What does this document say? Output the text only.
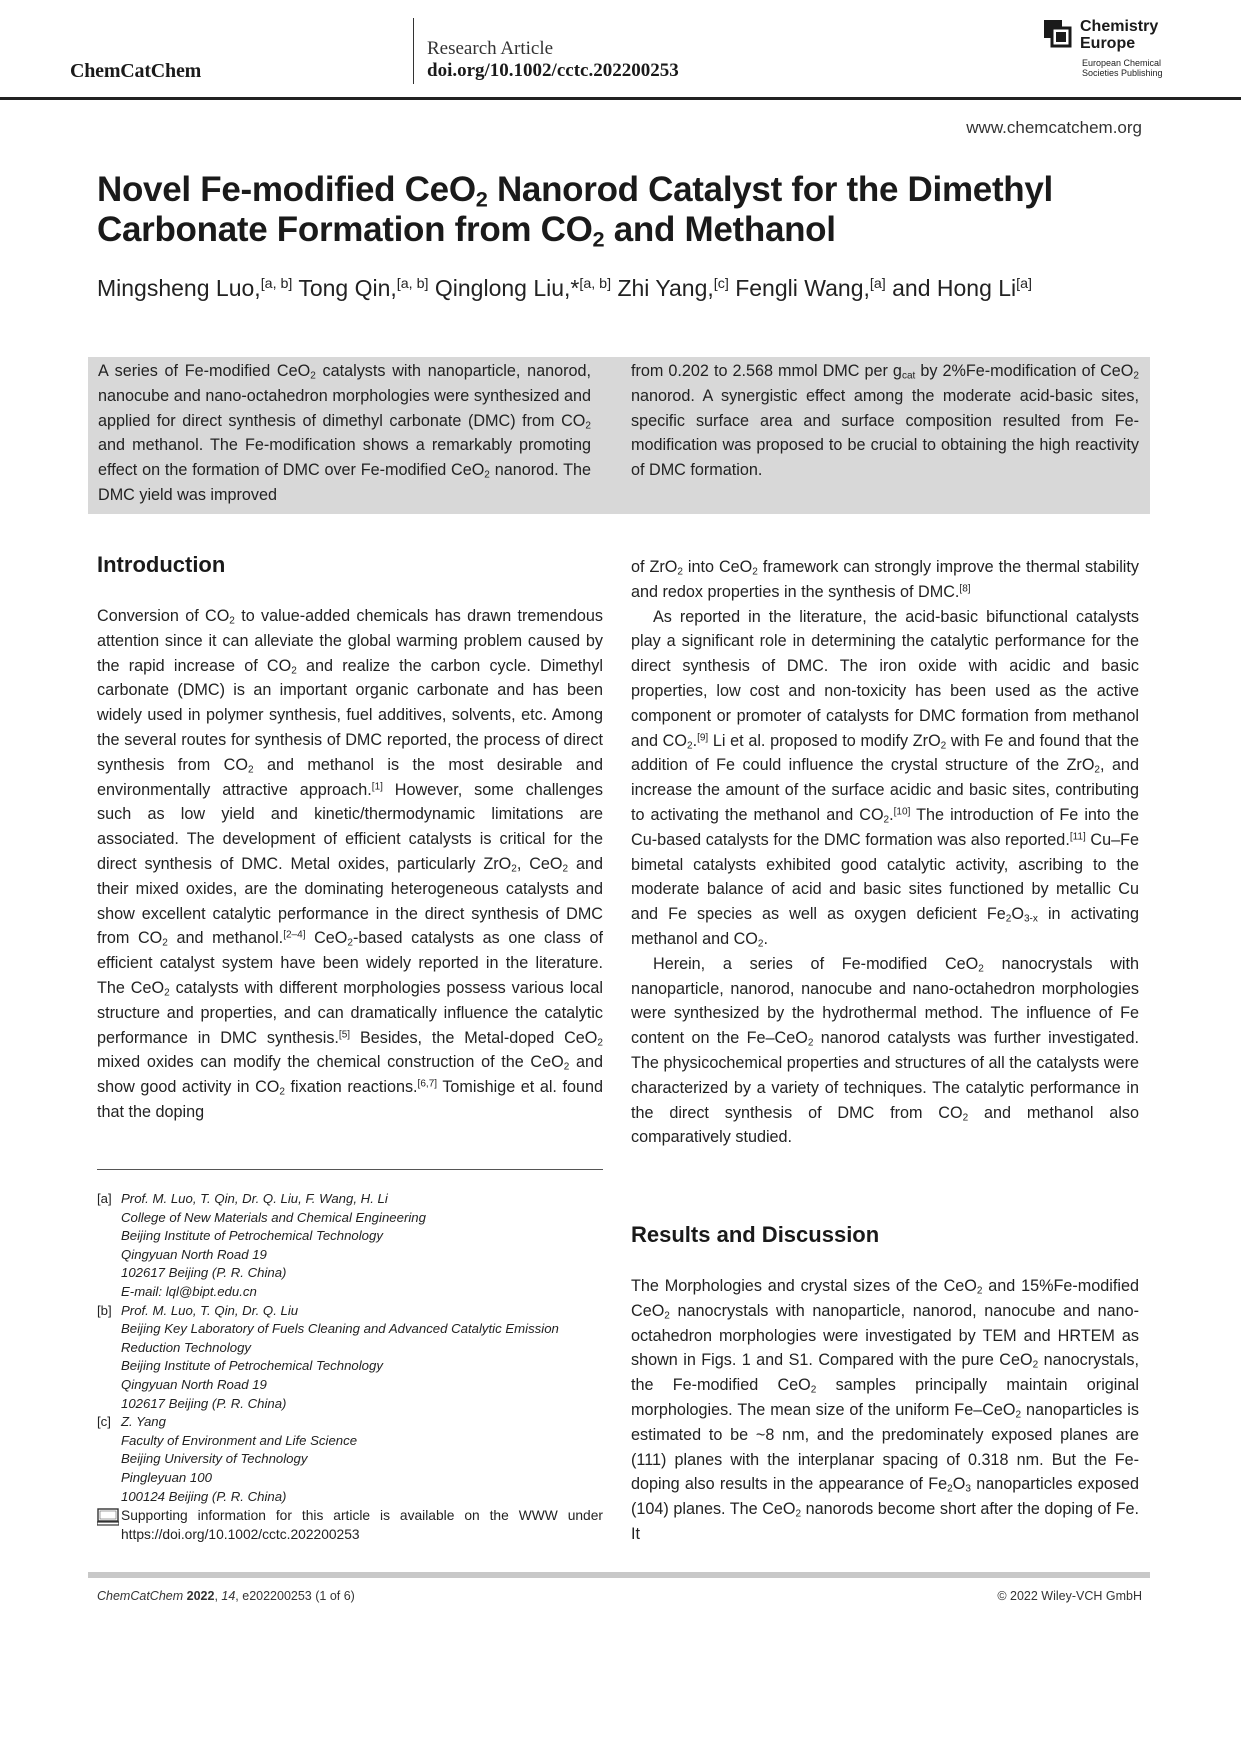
ChemCatChem
Research Article
doi.org/10.1002/cctc.202200253
Chemistry
Europe
European Chemical
Societies Publishing
www.chemcatchem.org
Novel Fe-modified CeO$_2$ Nanorod Catalyst for the Dimethyl
Carbonate Formation from $CO_2$ and Methanol
Mingsheng Luo,[a, b] Tong Qin,[a, b] Qinglong Liu,*[a, b] Zhi Yang,[c] Fengli Wang,[a] and Hong Li[a]
A series of Fe-modified CeO$_2$ catalysts with nanoparticle, nanorod, nanocube and nano-octahedron morphologies were synthesized and applied for direct synthesis of dimethyl carbonate (DMC) from $CO_2$ and methanol. The Fe-modification shows a remarkably promoting effect on the formation of DMC over Fe-modified CeO$_2$ nanorod. The DMC yield was improved
from 0.202 to 2.568 mmol DMC per $g_{cat}$ by 2%Fe-modification of CeO$_2$ nanorod. A synergistic effect among the moderate acid-basic sites, specific surface area and surface composition resulted from Fe-modification was proposed to be crucial to obtaining the high reactivity of DMC formation.
Introduction

Conversion of $CO_2$ to value-added chemicals has drawn tremendous attention since it can alleviate the global warming problem caused by the rapid increase of $CO_2$ and realize the carbon cycle. Dimethyl carbonate (DMC) is an important organic carbonate and has been widely used in polymer synthesis, fuel additives, solvents, etc. Among the several routes for synthesis of DMC reported, the process of direct synthesis from $CO_2$ and methanol is the most desirable and environmentally attractive approach.[1] However, some challenges such as low yield and kinetic/thermodynamic limitations are associated. The development of efficient catalysts is critical for the direct synthesis of DMC. Metal oxides, particularly ZrO$_2$, CeO$_2$ and their mixed oxides, are the dominating heterogeneous catalysts and show excellent catalytic performance in the direct synthesis of DMC from $CO_2$ and methanol.[2–4] CeO$_2$-based catalysts as one class of efficient catalyst system have been widely reported in the literature. The CeO$_2$ catalysts with different morphologies possess various local structure and properties, and can dramatically influence the catalytic performance in DMC synthesis.[5] Besides, the Metal-doped CeO$_2$ mixed oxides can modify the chemical construction of the CeO$_2$ and show good activity in $CO_2$ fixation reactions.[6,7] Tomishige et al. found that the doping

of ZrO$_2$ into CeO$_2$ framework can strongly improve the thermal stability and redox properties in the synthesis of DMC.[8]

As reported in the literature, the acid-basic bifunctional catalysts play a significant role in determining the catalytic performance for the direct synthesis of DMC. The iron oxide with acidic and basic properties, low cost and non-toxicity has been used as the active component or promoter of catalysts for DMC formation from methanol and $CO_2.[9]$ Li et al. proposed to modify ZrO$_2$ with Fe and found that the addition of Fe could influence the crystal structure of the ZrO$_2$, and increase the amount of the surface acidic and basic sites, contributing to activating the methanol and $CO_2.[10]$ The introduction of Fe into the Cu-based catalysts for the DMC formation was also reported.[11] Cu–Fe bimetal catalysts exhibited good catalytic activity, ascribing to the moderate balance of acid and basic sites functioned by metallic Cu and Fe species as well as oxygen deficient $Fe_2O_{3-x}$ in activating methanol and $CO_2$.

Herein, a series of Fe-modified CeO$_2$ nanocrystals with nanoparticle, nanorod, nanocube and nano-octahedron morphologies were synthesized by the hydrothermal method. The influence of Fe content on the Fe–CeO$_2$ nanorod catalysts was further investigated. The physicochemical properties and structures of all the catalysts were characterized by a variety of techniques. The catalytic performance in the direct synthesis of DMC from $CO_2$ and methanol also comparatively studied.

Results and Discussion

The Morphologies and crystal sizes of the CeO$_2$ and 15%Fe-modified CeO$_2$ nanocrystals with nanoparticle, nanorod, nanocube and nano-octahedron morphologies were investigated by TEM and HRTEM as shown in Figs. 1 and S1. Compared with the pure CeO$_2$ nanocrystals, the Fe-modified CeO$_2$ samples principally maintain original morphologies. The mean size of the uniform Fe–CeO$_2$ nanoparticles is estimated to be ~8 nm, and the predominately exposed planes are (111) planes with the interplanar spacing of 0.318 nm. But the Fe-doping also results in the appearance of $Fe_2O_3$ nanoparticles exposed (104) planes. The CeO$_2$ nanorods become short after the doping of Fe. It

[a] Prof. M. Luo, T. Qin, Dr. Q. Liu, F. Wang, H. Li
College of New Materials and Chemical Engineering
Beijing Institute of Petrochemical Technology
Qingyuan North Road 19
102617 Beijing (P. R. China)
E-mail: lql@bipt.edu.cn
[b] Prof. M. Luo, T. Qin, Dr. Q. Liu
Beijing Key Laboratory of Fuels Cleaning and Advanced Catalytic Emission Reduction Technology
Beijing Institute of Petrochemical Technology
Qingyuan North Road 19
102617 Beijing (P. R. China)
[c] Z. Yang
Faculty of Environment and Life Science
Beijing University of Technology
Pingleyuan 100
100124 Beijing (P. R. China)
Supporting information for this article is available on the WWW under https://doi.org/10.1002/cctc.202200253
ChemCatChem 2022, 14, e202200253 (1 of 6)	© 2022 Wiley-VCH GmbH
